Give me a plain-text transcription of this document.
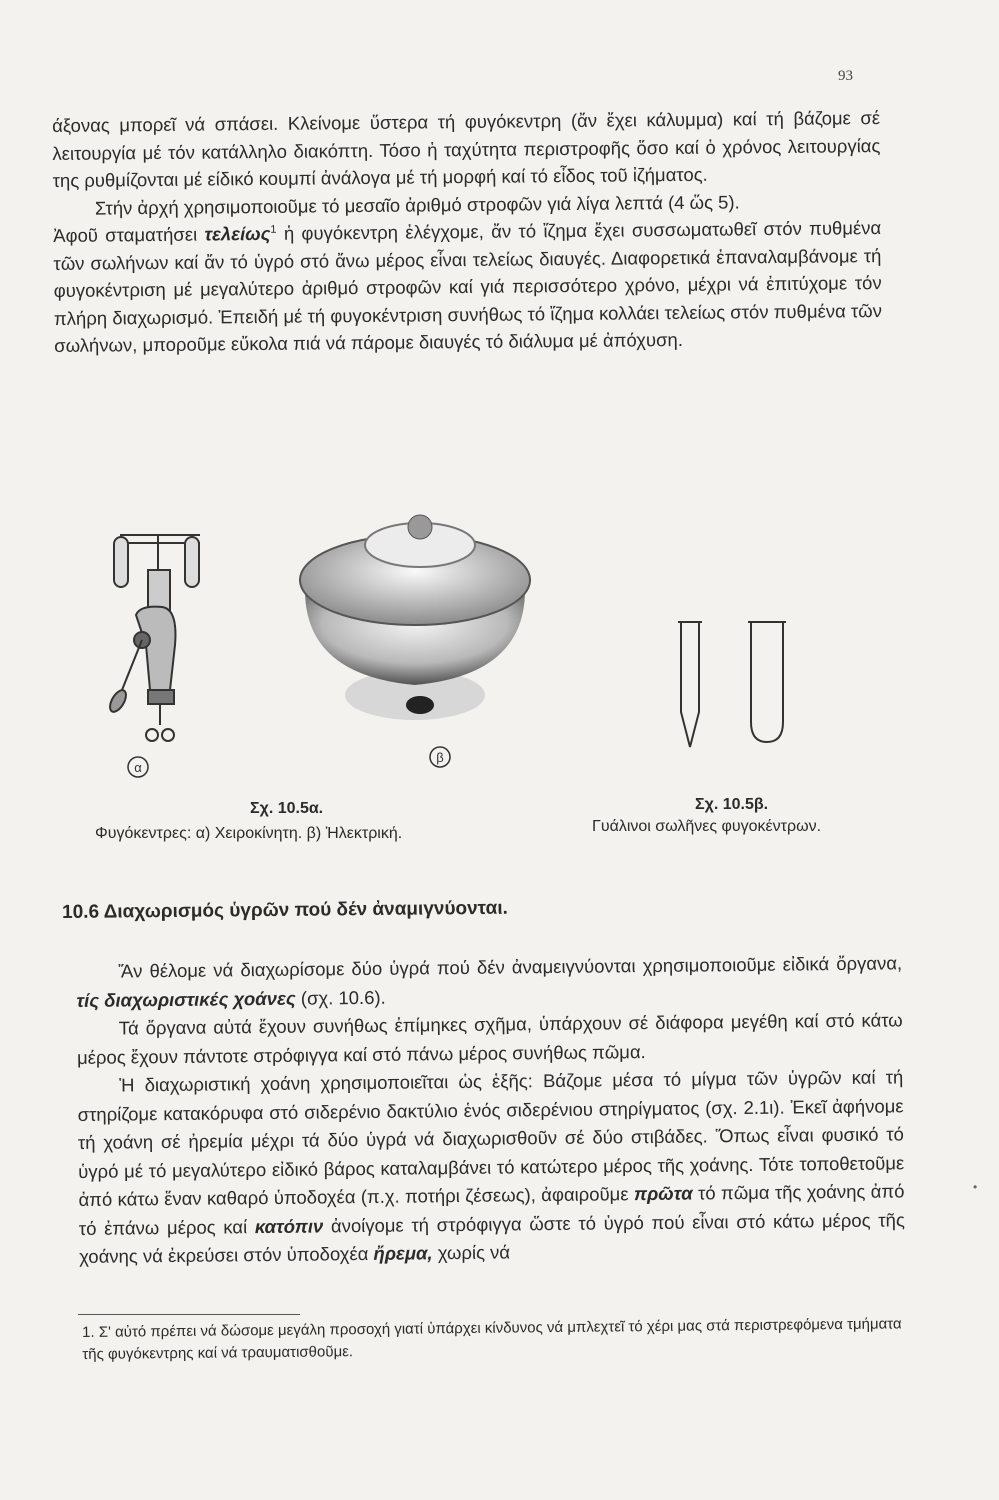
93

άξονας μπορεῖ νά σπάσει. Κλείνομε ὕστερα τή φυγόκεντρη (ἄν ἔχει κάλυμμα) καί τή βάζομε σέ λειτουργία μέ τόν κατάλληλο διακόπτη. Τόσο ἡ ταχύτητα περιστροφῆς ὅσο καί ὁ χρόνος λειτουργίας της ρυθμίζονται μέ είδικό κουμπί ἀνάλογα μέ τή μορφή καί τό εἶδος τοῦ ἰζήματος.

Στήν ἀρχή χρησιμοποιοῦμε τό μεσαῖο ἀριθμό στροφῶν γιά λίγα λεπτά (4 ὥς 5).

Ἀφοῦ σταματήσει τελείως$^1$ ἡ φυγόκεντρη ἐλέγχομε, ἄν τό ἴζημα ἔχει συσσωματωθεῖ στόν πυθμένα τῶν σωλήνων καί ἄν τό ὑγρό στό ἄνω μέρος εἶναι τελείως διαυγές. Διαφορετικά ἐπαναλαμβάνομε τή φυγοκέντριση μέ μεγαλύτερο ἀριθμό στροφῶν καί γιά περισσότερο χρόνο, μέχρι νά ἐπιτύχομε τόν πλήρη διαχωρισμό. Ἐπειδή μέ τή φυγοκέντριση συνήθως τό ἴζημα κολλάει τελείως στόν πυθμένα τῶν σωλήνων, μποροῦμε εὔκολα πιά νά πάρομε διαυγές τό διάλυμα μέ ἀπόχυση.

α
β
Σχ. 10.5α.
Φυγόκεντρες: α) Χειροκίνητη. β) Ἠλεκτρική.
Σχ. 10.5β.
Γυάλινοι σωλῆνες φυγοκέντρων.
10.6 Διαχωρισμός ὑγρῶν πού δέν ἀναμιγνύονται.

Ἄν θέλομε νά διαχωρίσομε δύο ὑγρά πού δέν ἀναμειγνύονται χρησιμοποιοῦμε εἰδικά ὄργανα, τίς διαχωριστικές χοάνες (σχ. 10.6).

Τά ὄργανα αὐτά ἔχουν συνήθως ἐπίμηκες σχῆμα, ὑπάρχουν σέ διάφορα μεγέθη καί στό κάτω μέρος ἔχουν πάντοτε στρόφιγγα καί στό πάνω μέρος συνήθως πῶμα.

Ἡ διαχωριστική χοάνη χρησιμοποιεῖται ὡς ἑξῆς: Βάζομε μέσα τό μίγμα τῶν ὑγρῶν καί τή στηρίζομε κατακόρυφα στό σιδερένιο δακτύλιο ἑνός σιδερένιου στηρίγματος (σχ. 2.1ι). Ἐκεῖ ἀφήνομε τή χοάνη σέ ἠρεμία μέχρι τά δύο ὑγρά νά διαχωρισθοῦν σέ δύο στιβάδες. Ὅπως εἶναι φυσικό τό ὑγρό μέ τό μεγαλύτερο εἰδικό βάρος καταλαμβάνει τό κατώτερο μέρος τῆς χοάνης. Τότε τοποθετοῦμε ἀπό κάτω ἕναν καθαρό ὑποδοχέα (π.χ. ποτήρι ζέσεως), ἀφαιροῦμε πρῶτα τό πῶμα τῆς χοάνης ἀπό τό ἐπάνω μέρος καί κατόπιν ἀνοίγομε τή στρόφιγγα ὥστε τό ὑγρό πού εἶναι στό κάτω μέρος τῆς χοάνης νά ἐκρεύσει στόν ὑποδοχέα ἤρεμα, χωρίς νά

•

1. Σ' αὐτό πρέπει νά δώσομε μεγάλη προσοχή γιατί ὑπάρχει κίνδυνος νά μπλεχτεῖ τό χέρι μας στά περιστρεφόμενα τμήματα τῆς φυγόκεντρης καί νά τραυματισθοῦμε.
